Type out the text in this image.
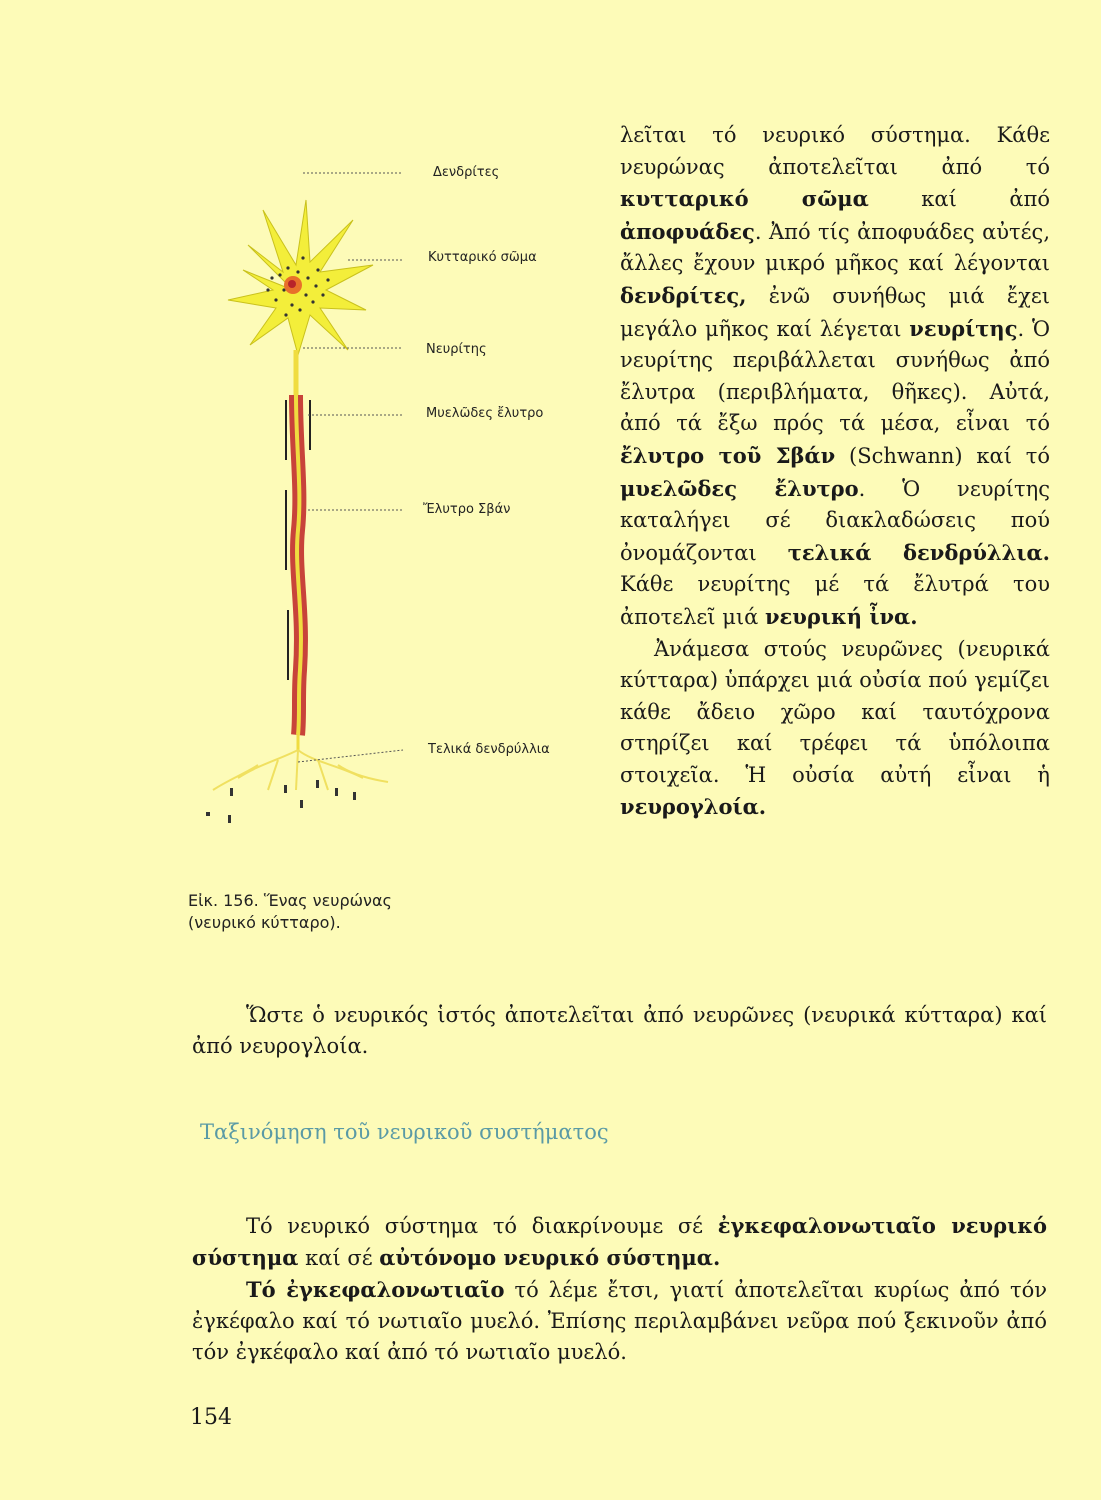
Δενδρίτες
Κυτταρικό σῶμα
Νευρίτης
Μυελῶδες ἔλυτρο
Ἔλυτρο Σβάν
Τελικά δενδρύλλια
Εἰκ. 156. Ἕνας νευρώνας
(νευρικό κύτταρο).

λεῖται τό νευρικό σύστημα. Κάθε νευρώνας ἀποτελεῖται ἀπό τό κυτταρικό σῶμα καί ἀπό ἀποφυάδες. Ἀπό τίς ἀποφυάδες αὐτές, ἄλλες ἔχουν μικρό μῆκος καί λέγονται δενδρίτες, ἐνῶ συνήθως μιά ἔχει μεγάλο μῆκος καί λέγεται νευρίτης. Ὁ νευρίτης περιβάλλεται συνήθως ἀπό ἔλυτρα (περιβλήματα, θῆκες). Αὐτά, ἀπό τά ἔξω πρός τά μέσα, εἶναι τό ἔλυτρο τοῦ Σβάν (Schwann) καί τό μυελῶδες ἔλυτρο. Ὁ νευρίτης καταλήγει σέ διακλαδώσεις πού ὀνομάζονται τελικά δενδρύλλια. Κάθε νευρίτης μέ τά ἔλυτρά του ἀποτελεῖ μιά νευρική ἶνα.

Ἀνάμεσα στούς νευρῶνες (νευρικά κύτταρα) ὑπάρχει μιά οὐσία πού γεμίζει κάθε ἄδειο χῶρο καί ταυτόχρονα στηρίζει καί τρέφει τά ὑπόλοιπα στοιχεῖα. Ἡ οὐσία αὐτή εἶναι ἡ νευρογλοία.

Ὥστε ὁ νευρικός ἱστός ἀποτελεῖται ἀπό νευρῶνες (νευρικά κύτταρα) καί ἀπό νευρογλοία.

Ταξινόμηση τοῦ νευρικοῦ συστήματος

Τό νευρικό σύστημα τό διακρίνουμε σέ ἐγκεφαλονωτιαῖο νευρικό σύστημα καί σέ αὐτόνομο νευρικό σύστημα.

Τό ἐγκεφαλονωτιαῖο τό λέμε ἔτσι, γιατί ἀποτελεῖται κυρίως ἀπό τόν ἐγκέφαλο καί τό νωτιαῖο μυελό. Ἐπίσης περιλαμβάνει νεῦρα πού ξεκινοῦν ἀπό τόν ἐγκέφαλο καί ἀπό τό νωτιαῖο μυελό.

154
